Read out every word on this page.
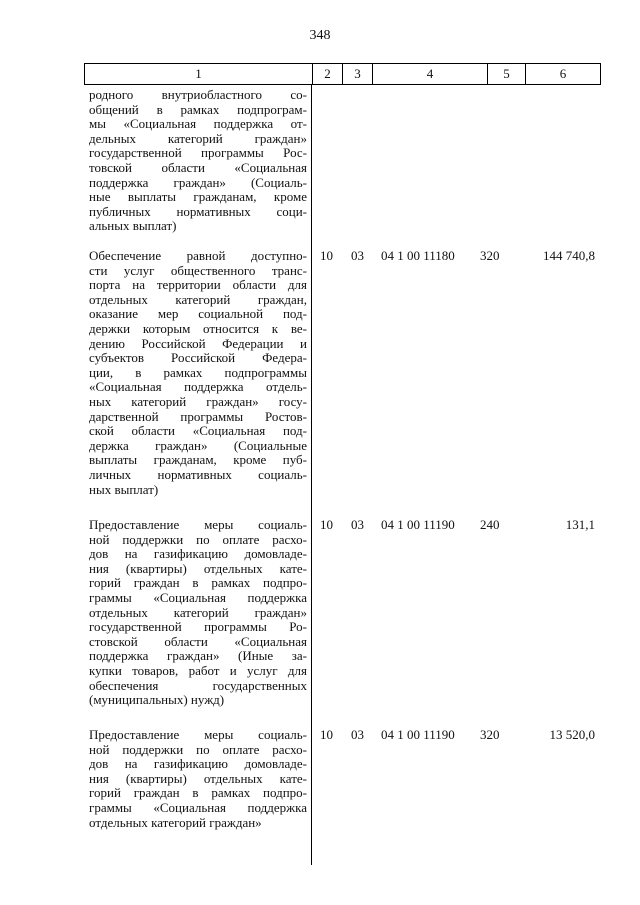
348
1	2	3	4	5	6
родного внутриобластного со-
общений в рамках подпрограм-
мы «Социальная поддержка от-
дельных категорий граждан»
государственной программы Рос-
товской области «Социальная
поддержка граждан» (Социаль-
ные выплаты гражданам, кроме
публичных нормативных соци-
альных выплат)
Обеспечение равной доступно-
сти услуг общественного транс-
порта на территории области для
отдельных категорий граждан,
оказание мер социальной под-
держки которым относится к ве-
дению Российской Федерации и
субъектов Российской Федера-
ции, в рамках подпрограммы
«Социальная поддержка отдель-
ных категорий граждан» госу-
дарственной программы Ростов-
ской области «Социальная под-
держка граждан» (Социальные
выплаты гражданам, кроме пуб-
личных нормативных социаль-
ных выплат)
10	03	04 1 00 11180	320	144 740,8
Предоставление меры социаль-
ной поддержки по оплате расхо-
дов на газификацию домовладе-
ния (квартиры) отдельных кате-
горий граждан в рамках подпро-
граммы «Социальная поддержка
отдельных категорий граждан»
государственной программы Ро-
стовской области «Социальная
поддержка граждан» (Иные за-
купки товаров, работ и услуг для
обеспечения государственных
(муниципальных) нужд)
10	03	04 1 00 11190	240	131,1
Предоставление меры социаль-
ной поддержки по оплате расхо-
дов на газификацию домовладе-
ния (квартиры) отдельных кате-
горий граждан в рамках подпро-
граммы «Социальная поддержка
отдельных категорий граждан»
10	03	04 1 00 11190	320	13 520,0
